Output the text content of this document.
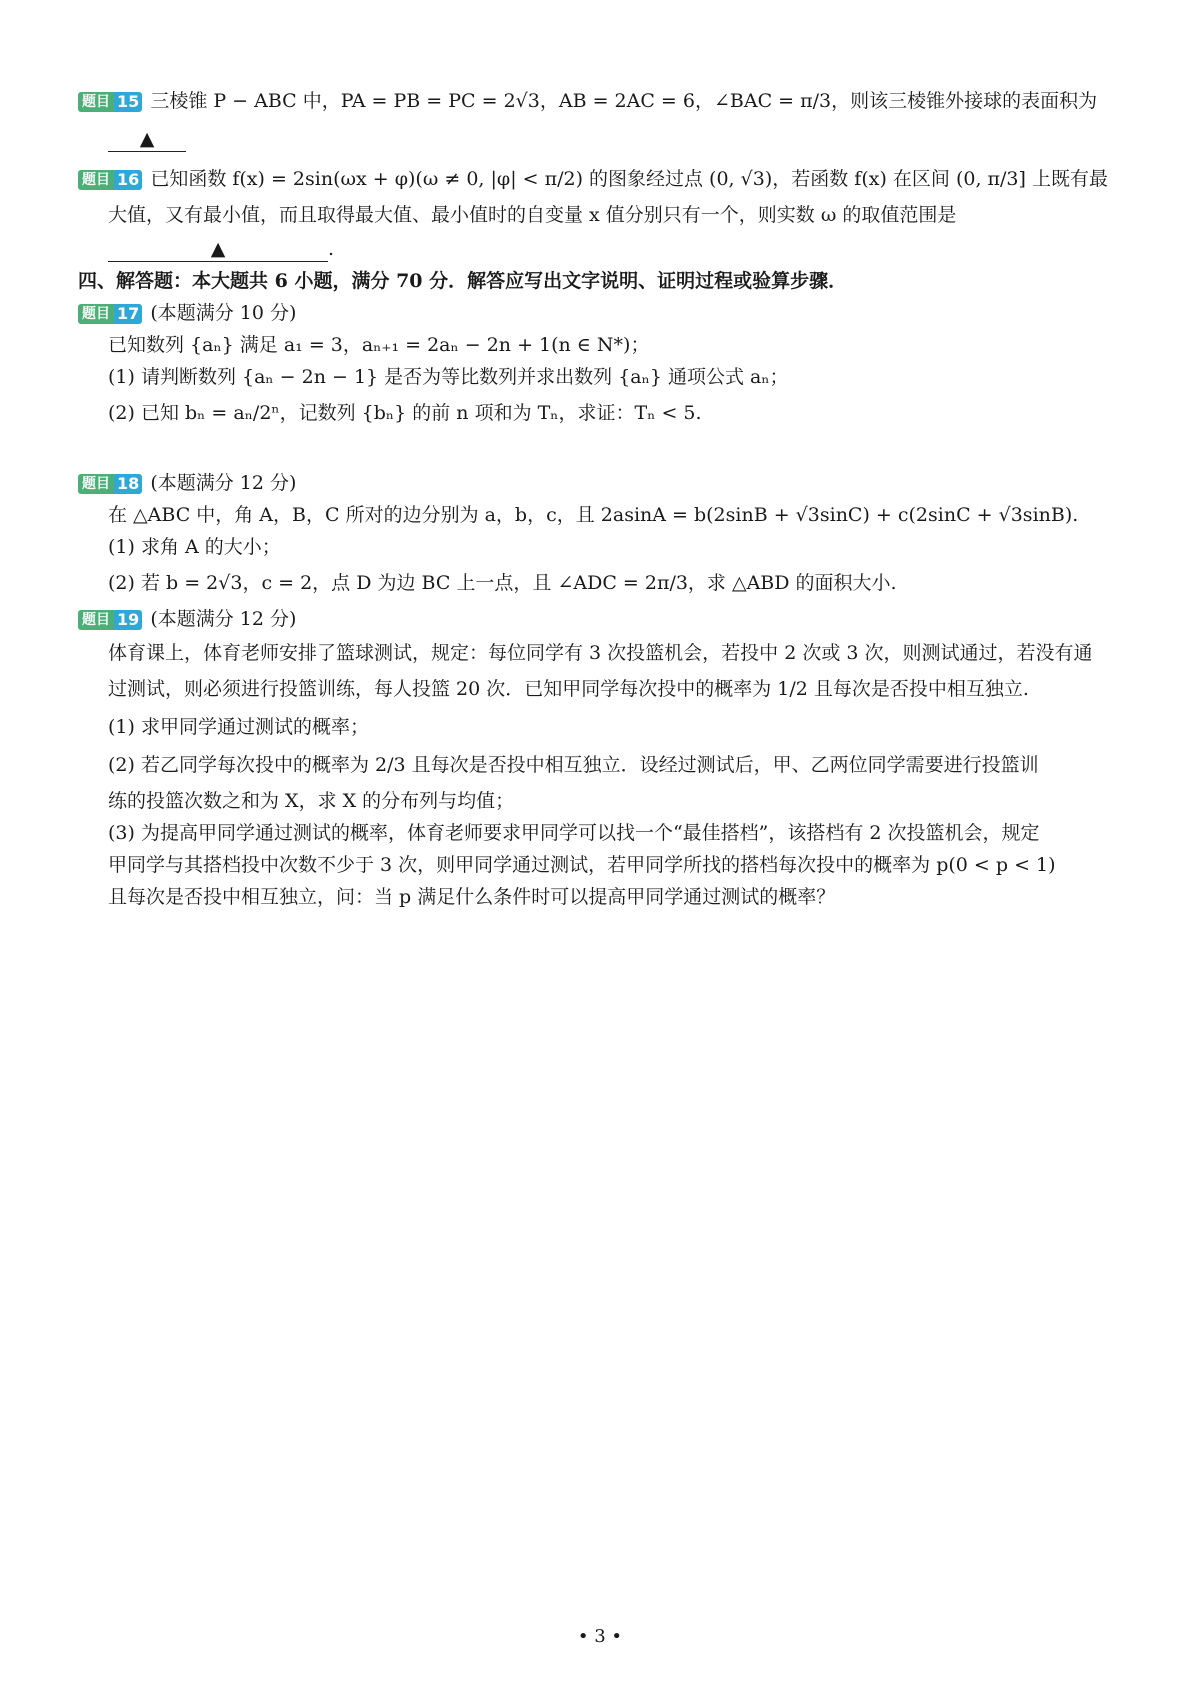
题目 15 三棱锥 P − ABC 中，PA = PB = PC = 2√3，AB = 2AC = 6，∠BAC = π/3，则该三棱锥外接球的表面积为
▲
题目 16 已知函数 f(x) = 2sin(ωx + φ)(ω ≠ 0, |φ| < π/2) 的图象经过点 (0, √3)，若函数 f(x) 在区间 (0, π/3] 上既有最
大值，又有最小值，而且取得最大值、最小值时的自变量 x 值分别只有一个，则实数 ω 的取值范围是
▲	.
四、解答题：本大题共 6 小题，满分 70 分．解答应写出文字说明、证明过程或验算步骤．
题目 17 (本题满分 10 分)
已知数列 {aₙ} 满足 a₁ = 3，aₙ₊₁ = 2aₙ − 2n + 1(n ∈ N*)；
(1) 请判断数列 {aₙ − 2n − 1} 是否为等比数列并求出数列 {aₙ} 通项公式 aₙ；
(2) 已知 bₙ = aₙ/2ⁿ，记数列 {bₙ} 的前 n 项和为 Tₙ，求证：Tₙ < 5.
题目 18 (本题满分 12 分)
在 △ABC 中，角 A，B，C 所对的边分别为 a，b，c，且 2asinA = b(2sinB + √3sinC) + c(2sinC + √3sinB).
(1) 求角 A 的大小；
(2) 若 b = 2√3，c = 2，点 D 为边 BC 上一点，且 ∠ADC = 2π/3，求 △ABD 的面积大小.
题目 19 (本题满分 12 分)
体育课上，体育老师安排了篮球测试，规定：每位同学有 3 次投篮机会，若投中 2 次或 3 次，则测试通过，若没有通
过测试，则必须进行投篮训练，每人投篮 20 次．已知甲同学每次投中的概率为 1/2 且每次是否投中相互独立.
(1) 求甲同学通过测试的概率；
(2) 若乙同学每次投中的概率为 2/3 且每次是否投中相互独立．设经过测试后，甲、乙两位同学需要进行投篮训
练的投篮次数之和为 X，求 X 的分布列与均值；
(3) 为提高甲同学通过测试的概率，体育老师要求甲同学可以找一个“最佳搭档”，该搭档有 2 次投篮机会，规定
甲同学与其搭档投中次数不少于 3 次，则甲同学通过测试，若甲同学所找的搭档每次投中的概率为 p(0 < p < 1)
且每次是否投中相互独立，问：当 p 满足什么条件时可以提高甲同学通过测试的概率？
• 3 •
